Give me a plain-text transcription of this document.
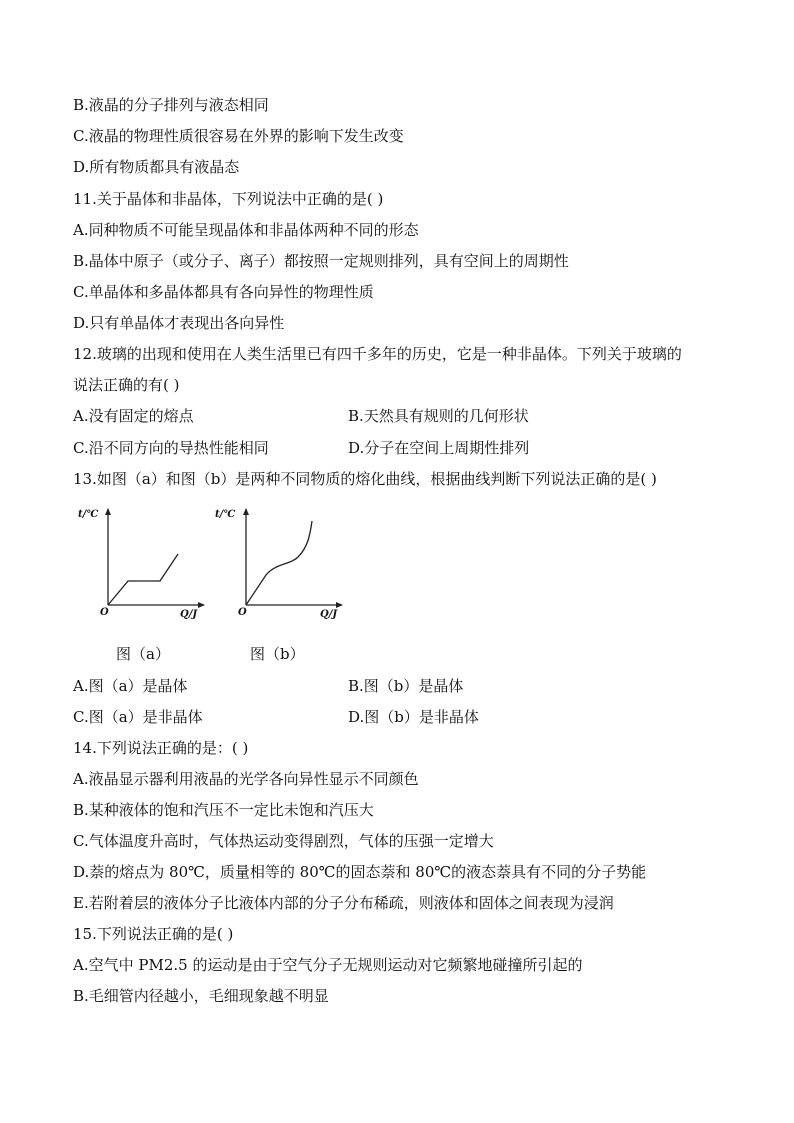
B.液晶的分子排列与液态相同
C.液晶的物理性质很容易在外界的影响下发生改变
D.所有物质都具有液晶态
11.关于晶体和非晶体，下列说法中正确的是( )
A.同种物质不可能呈现晶体和非晶体两种不同的形态
B.晶体中原子（或分子、离子）都按照一定规则排列，具有空间上的周期性
C.单晶体和多晶体都具有各向异性的物理性质
D.只有单晶体才表现出各向异性
12.玻璃的出现和使用在人类生活里已有四千多年的历史，它是一种非晶体。下列关于玻璃的
说法正确的有( )
A.没有固定的熔点	B.天然具有规则的几何形状
C.沿不同方向的导热性能相同	D.分子在空间上周期性排列
13.如图（a）和图（b）是两种不同物质的熔化曲线，根据曲线判断下列说法正确的是( )
t/℃
O	Q/J
t/℃
O	Q/J
图（a）	图（b）
A.图（a）是晶体	B.图（b）是晶体
C.图（a）是非晶体	D.图（b）是非晶体
14.下列说法正确的是：( )
A.液晶显示器利用液晶的光学各向异性显示不同颜色
B.某种液体的饱和汽压不一定比未饱和汽压大
C.气体温度升高时，气体热运动变得剧烈，气体的压强一定增大
D.萘的熔点为 80℃，质量相等的 80℃的固态萘和 80℃的液态萘具有不同的分子势能
E.若附着层的液体分子比液体内部的分子分布稀疏，则液体和固体之间表现为浸润
15.下列说法正确的是( )
A.空气中 PM2.5 的运动是由于空气分子无规则运动对它频繁地碰撞所引起的
B.毛细管内径越小，毛细现象越不明显
